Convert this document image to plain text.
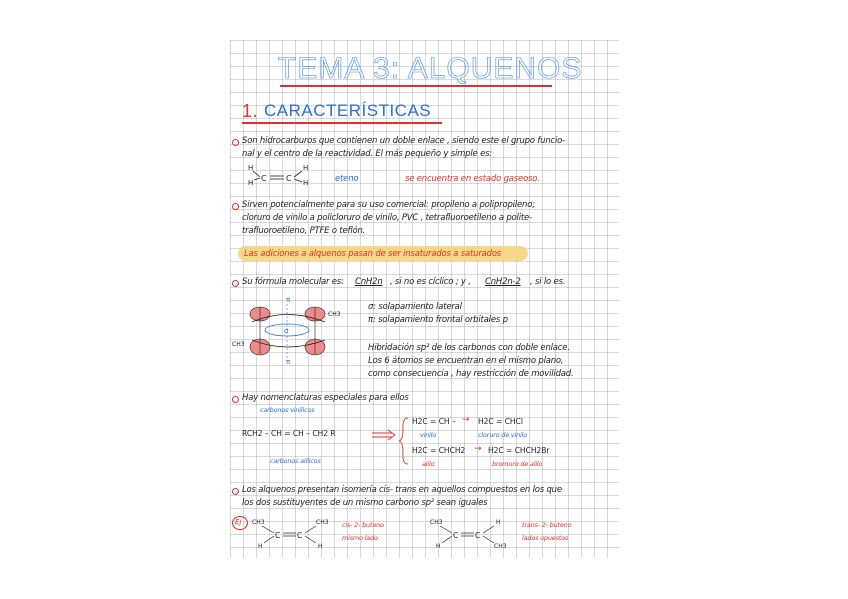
TEMA 3: ALQUENOS
1. CARACTERÍSTICAS
Son hidrocarburos que contienen un doble enlace , siendo este el grupo funcio-
nal y el centro de la reactividad. El más pequeño y simple es:
H
H C C
H
H	eteno	se encuentra en estado gaseoso.
Sirven potencialmente para su uso comercial: propileno a polipropileno;
cloruro de vinilo a policloruro de vinilo, PVC , tetrafluoroetileno a polite-
trafluoroetileno, PTFE o teflón.
Las adiciones a alquenos pasan de ser insaturados a saturados
Su fórmula molecular es: CnH2n , si no es cíclico ; y , CnH2n-2 , si lo es.
π
σ
CH3
CH3
π
σ: solapamiento lateral
π: solapamiento frontal orbitales p
Hibridación sp² de los carbonos con doble enlace.
Los 6 átomos se encuentran en el mismo plano,
como consecuencia , hay restricción de movilidad.
Hay nomenclaturas especiales para ellos
carbonos vinílicos
RCH2 – CH = CH – CH2 R
carbonos alílicos
H2C = CH – → H2C = CHCl
vinilo	cloruro de vinilo
H2C = CHCH2 → H2C = CHCH2Br
alilo	bromuro de alilo
Los alquenos presentan isomería cis- trans en aquellos compuestos en los que
los dos sustituyentes de un mismo carbono sp² sean iguales
Ej CH3
H
C C
CH3
H
cis- 2- buteno
mismo lado
CH3
H
C C
H
CH3
trans- 2- buteno
lados opuestos
